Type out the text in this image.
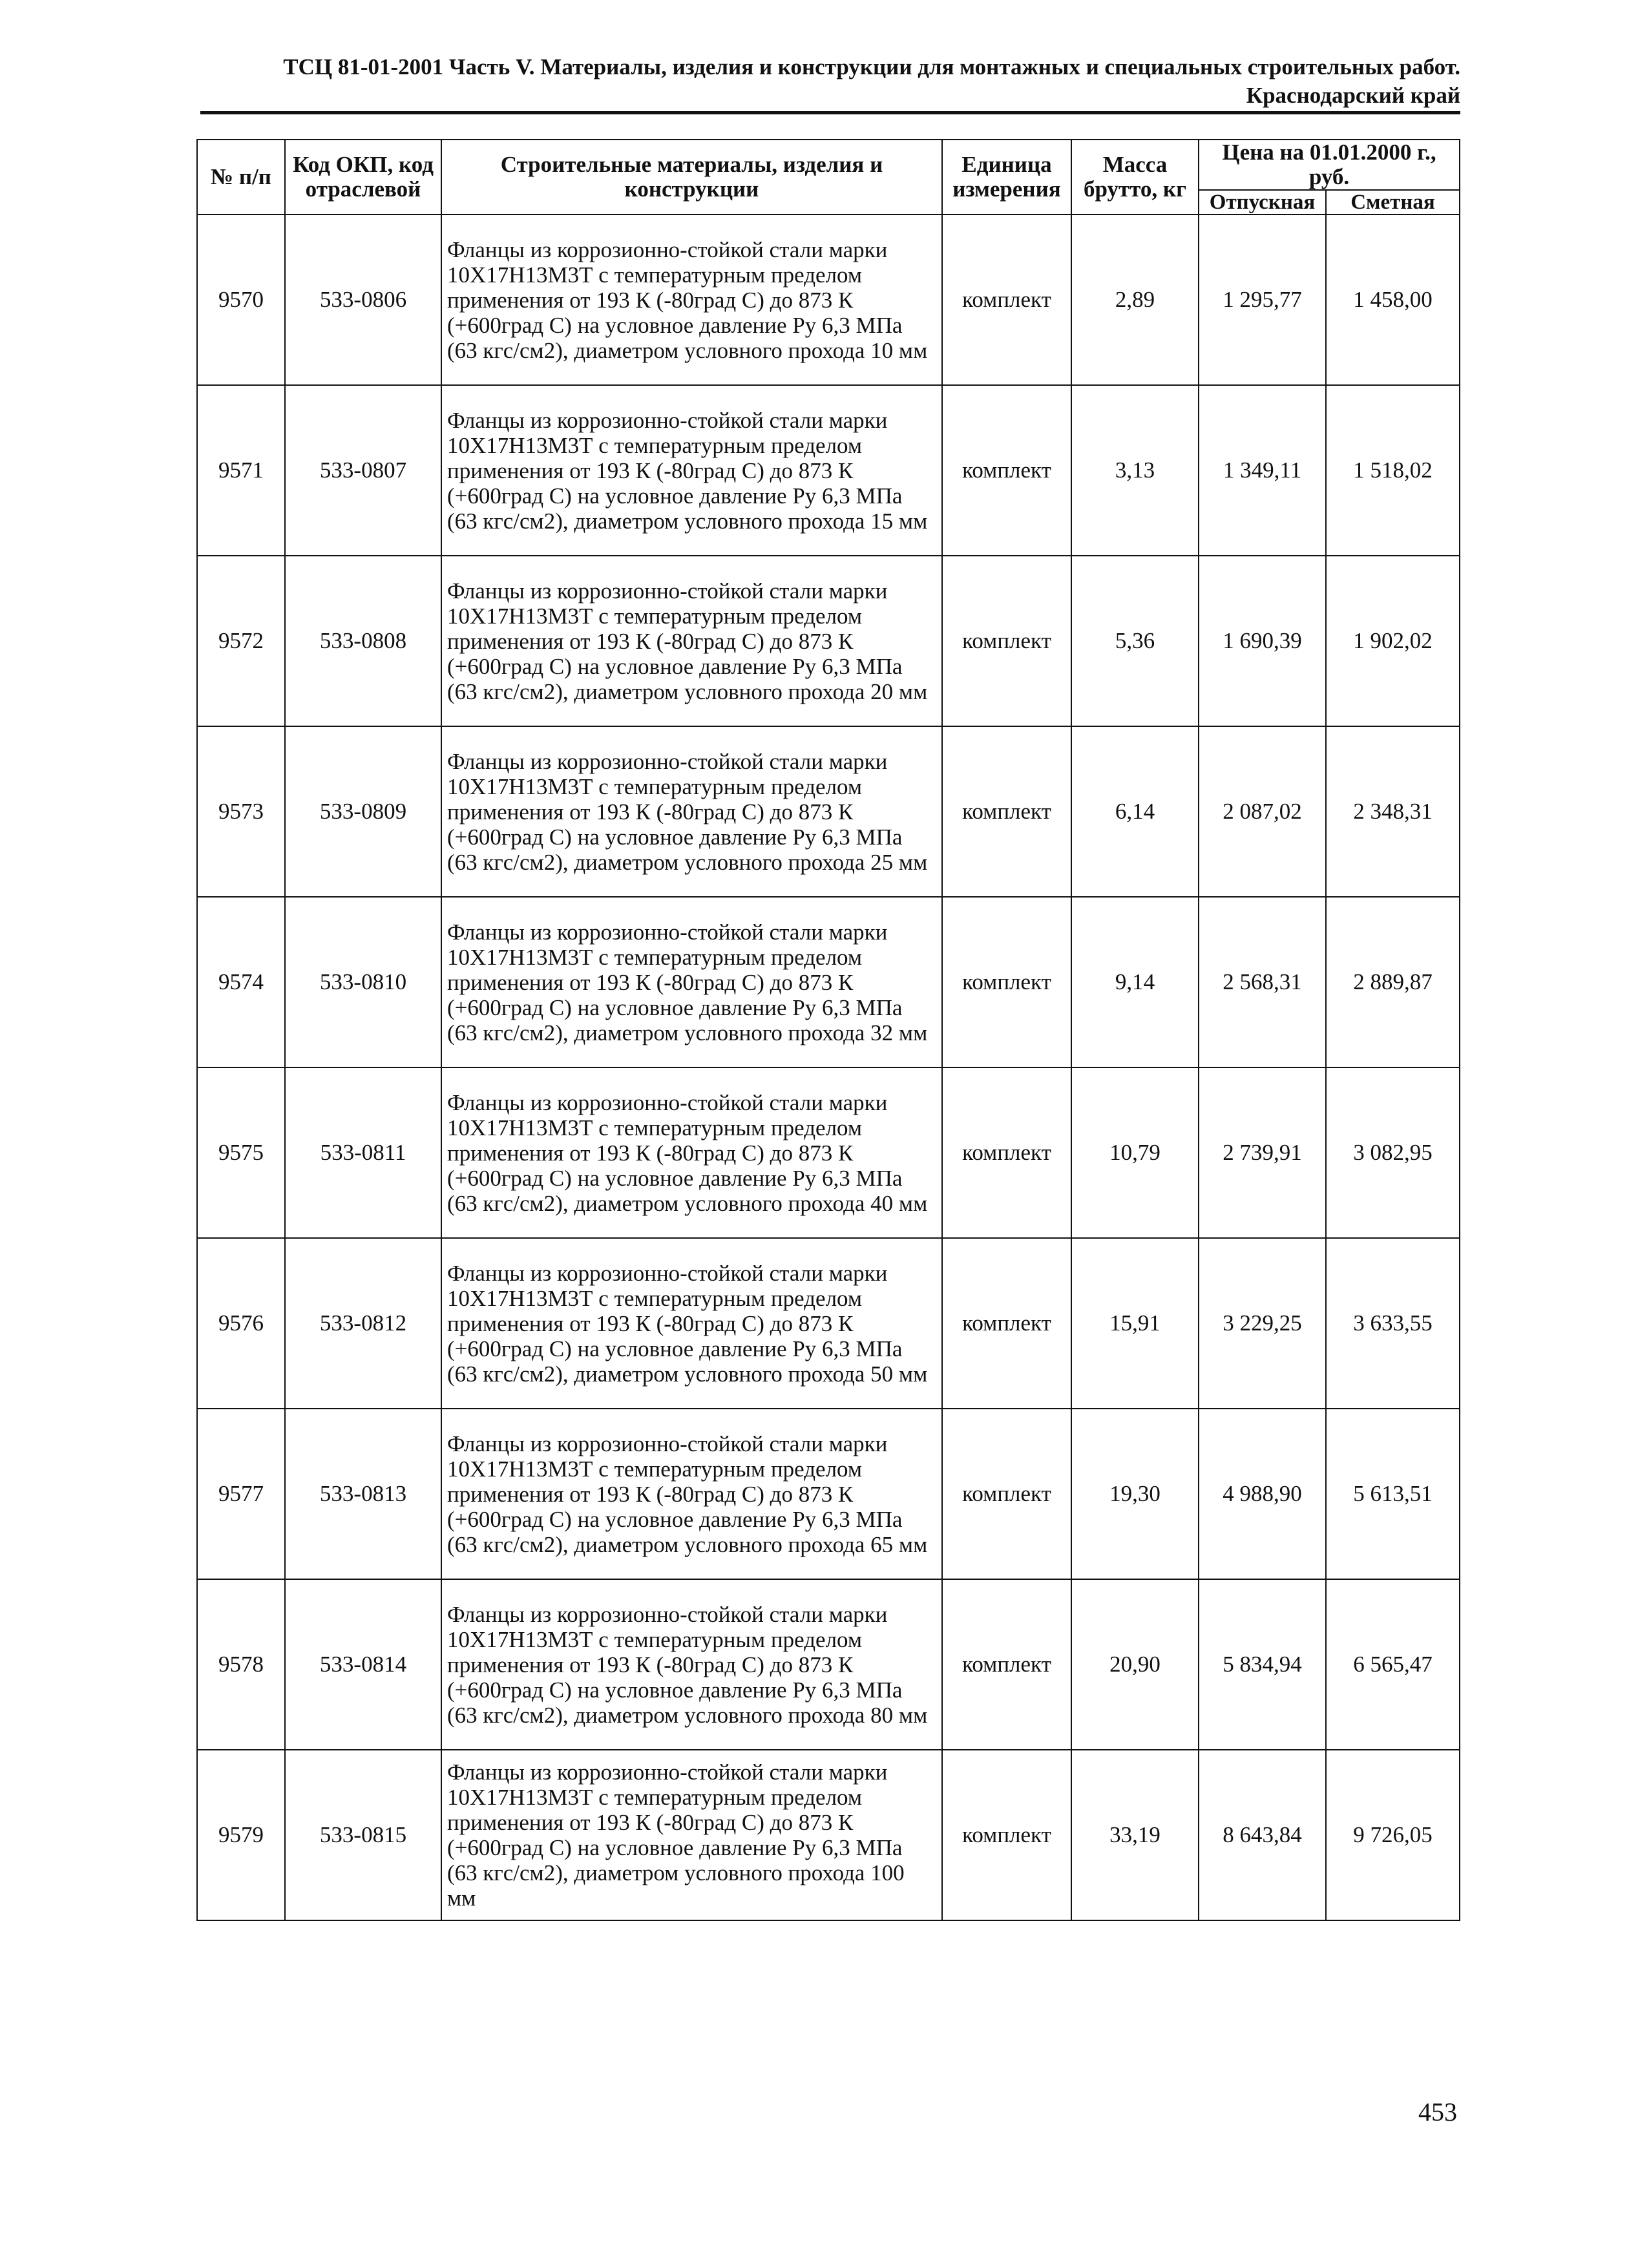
ТСЦ 81-01-2001 Часть V. Материалы, изделия и конструкции для монтажных и специальных строительных работ.
Краснодарский край
№ п/п	Код ОКП, код отраслевой	Строительные материалы, изделия и конструкции	Единица измерения	Масса брутто, кг	Цена на 01.01.2000 г., руб.	
					Отпускная	Сметная
9570	533-0806	Фланцы из коррозионно-стойкой стали марки 10Х17Н13М3Т с температурным пределом применения от 193 К (-80град С) до 873 К (+600град С) на условное давление Ру 6,3 МПа (63 кгс/см2), диаметром условного прохода 10 мм	комплект	2,89	1 295,77	1 458,00
9571	533-0807	Фланцы из коррозионно-стойкой стали марки 10Х17Н13М3Т с температурным пределом применения от 193 К (-80град С) до 873 К (+600град С) на условное давление Ру 6,3 МПа (63 кгс/см2), диаметром условного прохода 15 мм	комплект	3,13	1 349,11	1 518,02
9572	533-0808	Фланцы из коррозионно-стойкой стали марки 10Х17Н13М3Т с температурным пределом применения от 193 К (-80град С) до 873 К (+600град С) на условное давление Ру 6,3 МПа (63 кгс/см2), диаметром условного прохода 20 мм	комплект	5,36	1 690,39	1 902,02
9573	533-0809	Фланцы из коррозионно-стойкой стали марки 10Х17Н13М3Т с температурным пределом применения от 193 К (-80град С) до 873 К (+600град С) на условное давление Ру 6,3 МПа (63 кгс/см2), диаметром условного прохода 25 мм	комплект	6,14	2 087,02	2 348,31
9574	533-0810	Фланцы из коррозионно-стойкой стали марки 10Х17Н13М3Т с температурным пределом применения от 193 К (-80град С) до 873 К (+600град С) на условное давление Ру 6,3 МПа (63 кгс/см2), диаметром условного прохода 32 мм	комплект	9,14	2 568,31	2 889,87
9575	533-0811	Фланцы из коррозионно-стойкой стали марки 10Х17Н13М3Т с температурным пределом применения от 193 К (-80град С) до 873 К (+600град С) на условное давление Ру 6,3 МПа (63 кгс/см2), диаметром условного прохода 40 мм	комплект	10,79	2 739,91	3 082,95
9576	533-0812	Фланцы из коррозионно-стойкой стали марки 10Х17Н13М3Т с температурным пределом применения от 193 К (-80град С) до 873 К (+600град С) на условное давление Ру 6,3 МПа (63 кгс/см2), диаметром условного прохода 50 мм	комплект	15,91	3 229,25	3 633,55
9577	533-0813	Фланцы из коррозионно-стойкой стали марки 10Х17Н13М3Т с температурным пределом применения от 193 К (-80град С) до 873 К (+600град С) на условное давление Ру 6,3 МПа (63 кгс/см2), диаметром условного прохода 65 мм	комплект	19,30	4 988,90	5 613,51
9578	533-0814	Фланцы из коррозионно-стойкой стали марки 10Х17Н13М3Т с температурным пределом применения от 193 К (-80град С) до 873 К (+600град С) на условное давление Ру 6,3 МПа (63 кгс/см2), диаметром условного прохода 80 мм	комплект	20,90	5 834,94	6 565,47
9579	533-0815	Фланцы из коррозионно-стойкой стали марки 10Х17Н13М3Т с температурным пределом применения от 193 К (-80град С) до 873 К (+600град С) на условное давление Ру 6,3 МПа (63 кгс/см2), диаметром условного прохода 100 мм	комплект	33,19	8 643,84	9 726,05
453
